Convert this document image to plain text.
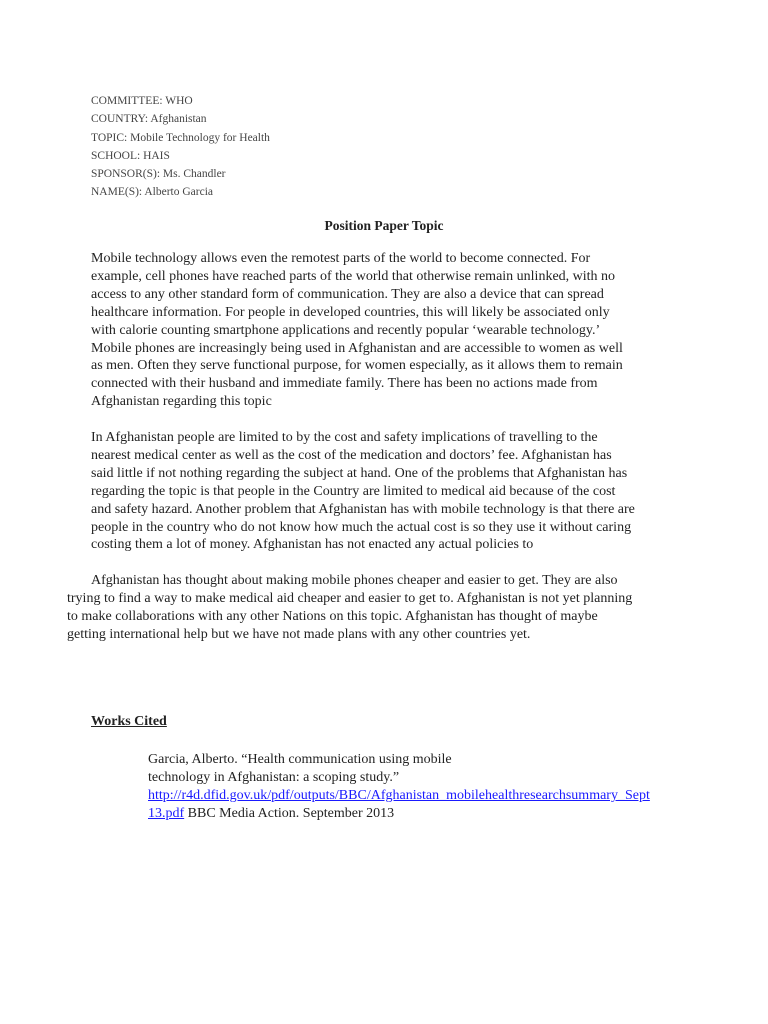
COMMITTEE: WHO
COUNTRY: Afghanistan
TOPIC: Mobile Technology for Health
SCHOOL: HAIS
SPONSOR(S): Ms. Chandler
NAME(S): Alberto Garcia
Position Paper Topic
Mobile technology allows even the remotest parts of the world to become connected. For
example, cell phones have reached parts of the world that otherwise remain unlinked, with no
access to any other standard form of communication. They are also a device that can spread
healthcare information. For people in developed countries, this will likely be associated only
with calorie counting smartphone applications and recently popular ‘wearable technology.’
Mobile phones are increasingly being used in Afghanistan and are accessible to women as well
as men. Often they serve functional purpose, for women especially, as it allows them to remain
connected with their husband and immediate family. There has been no actions made from
Afghanistan regarding this topic
In Afghanistan people are limited to by the cost and safety implications of travelling to the
nearest medical center as well as the cost of the medication and doctors’ fee. Afghanistan has
said little if not nothing regarding the subject at hand. One of the problems that Afghanistan has
regarding the topic is that people in the Country are limited to medical aid because of the cost
and safety hazard. Another problem that Afghanistan has with mobile technology is that there are
people in the country who do not know how much the actual cost is so they use it without caring
costing them a lot of money. Afghanistan has not enacted any actual policies to
Afghanistan has thought about making mobile phones cheaper and easier to get. They are also
trying to find a way to make medical aid cheaper and easier to get to. Afghanistan is not yet planning
to make collaborations with any other Nations on this topic. Afghanistan has thought of maybe
getting international help but we have not made plans with any other countries yet.
Works Cited
Garcia, Alberto. “Health communication using mobile
technology in Afghanistan: a scoping study.”
http://r4d.dfid.gov.uk/pdf/outputs/BBC/Afghanistan_mobilehealthresearchsummary_Sept
13.pdf BBC Media Action. September 2013
